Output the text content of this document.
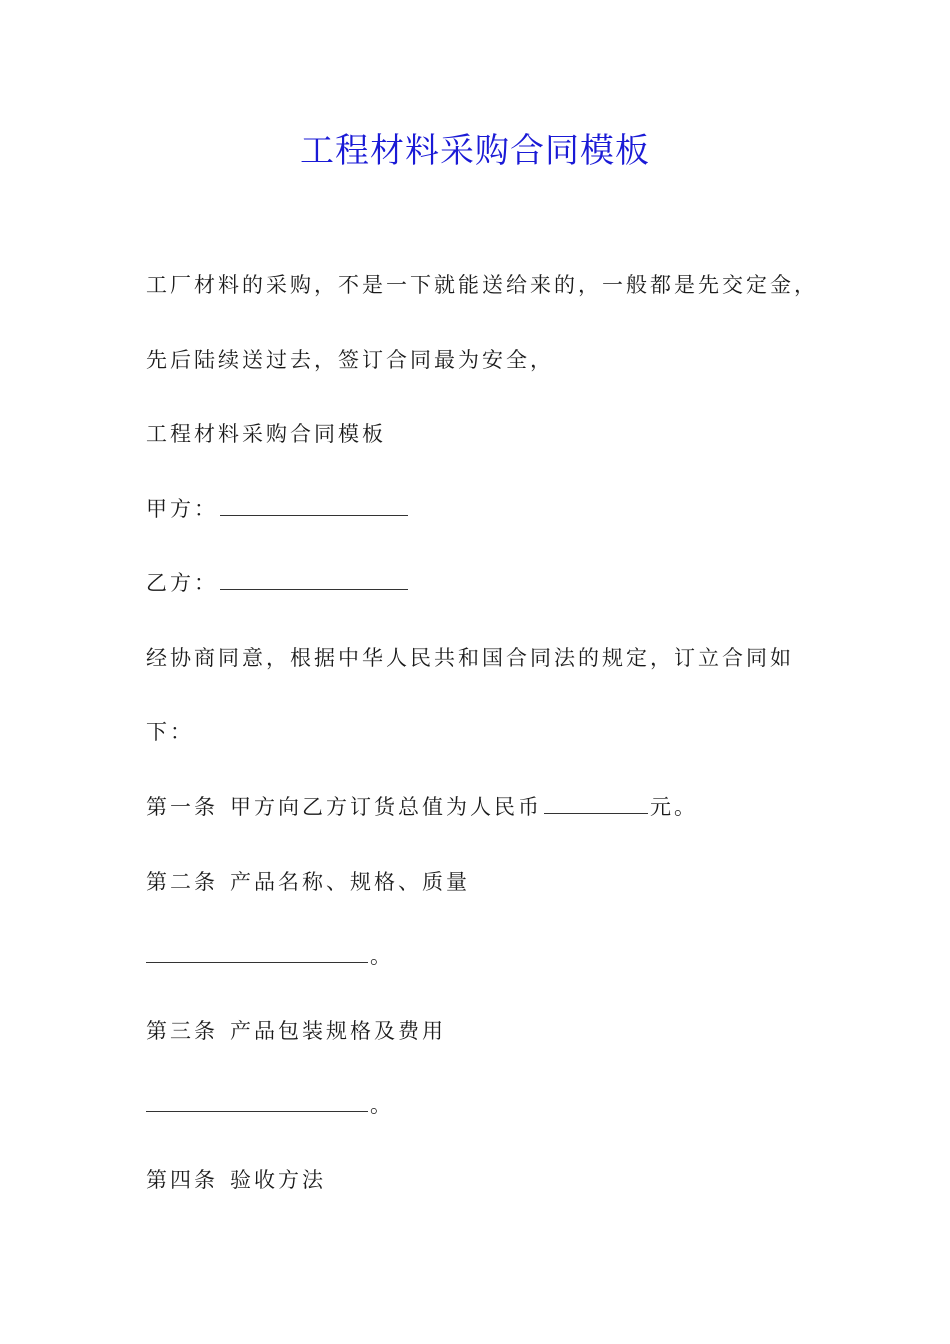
工程材料采购合同模板
工厂材料的采购，不是一下就能送给来的，一般都是先交定金，
先后陆续送过去，签订合同最为安全，
工程材料采购合同模板
甲方：
乙方：
经协商同意，根据中华人民共和国合同法的规定，订立合同如
下：
第一条 甲方向乙方订货总值为人民币	元。
第二条 产品名称、规格、质量
。
第三条 产品包装规格及费用
。
第四条 验收方法
